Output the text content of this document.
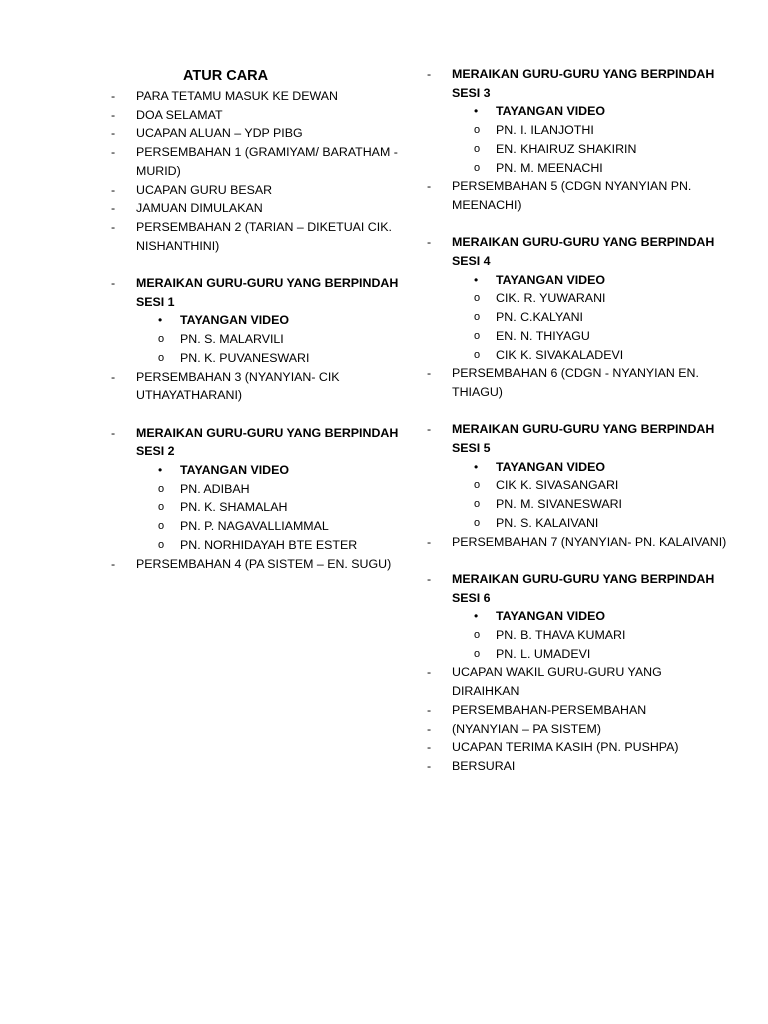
ATUR CARA
-	PARA TETAMU MASUK KE DEWAN
-	DOA SELAMAT
-	UCAPAN ALUAN – YDP PIBG
-	PERSEMBAHAN 1 (GRAMIYAM/ BARATHAM - MURID)
-	UCAPAN GURU BESAR
-	JAMUAN DIMULAKAN
-	PERSEMBAHAN 2 (TARIAN – DIKETUAI CIK. NISHANTHINI)
-	MERAIKAN GURU-GURU YANG BERPINDAH
SESI 1
•	TAYANGAN VIDEO
o	PN. S. MALARVILI
o	PN. K. PUVANESWARI
-	PERSEMBAHAN 3 (NYANYIAN- CIK UTHAYATHARANI)
-	MERAIKAN GURU-GURU YANG BERPINDAH
SESI 2
•	TAYANGAN VIDEO
o	PN. ADIBAH
o	PN. K. SHAMALAH
o	PN. P. NAGAVALLIAMMAL
o	PN. NORHIDAYAH BTE ESTER
-	PERSEMBAHAN 4 (PA SISTEM – EN. SUGU)
-	MERAIKAN GURU-GURU YANG BERPINDAH
SESI 3
•	TAYANGAN VIDEO
o	PN. I. ILANJOTHI
o	EN. KHAIRUZ SHAKIRIN
o	PN. M. MEENACHI
-	PERSEMBAHAN 5 (CDGN NYANYIAN PN. MEENACHI)
-	MERAIKAN GURU-GURU YANG BERPINDAH
SESI 4
•	TAYANGAN VIDEO
o	CIK. R. YUWARANI
o	PN. C.KALYANI
o	EN. N. THIYAGU
o	CIK K. SIVAKALADEVI
-	PERSEMBAHAN 6 (CDGN - NYANYIAN EN. THIAGU)
-	MERAIKAN GURU-GURU YANG BERPINDAH
SESI 5
•	TAYANGAN VIDEO
o	CIK K. SIVASANGARI
o	PN. M. SIVANESWARI
o	PN. S. KALAIVANI
-	PERSEMBAHAN 7 (NYANYIAN- PN. KALAIVANI)
-	MERAIKAN GURU-GURU YANG BERPINDAH
SESI 6
•	TAYANGAN VIDEO
o	PN. B. THAVA KUMARI
o	PN. L. UMADEVI
-	UCAPAN WAKIL GURU-GURU YANG DIRAIHKAN
-	PERSEMBAHAN-PERSEMBAHAN
-	(NYANYIAN – PA SISTEM)
-	UCAPAN TERIMA KASIH (PN. PUSHPA)
-	BERSURAI
